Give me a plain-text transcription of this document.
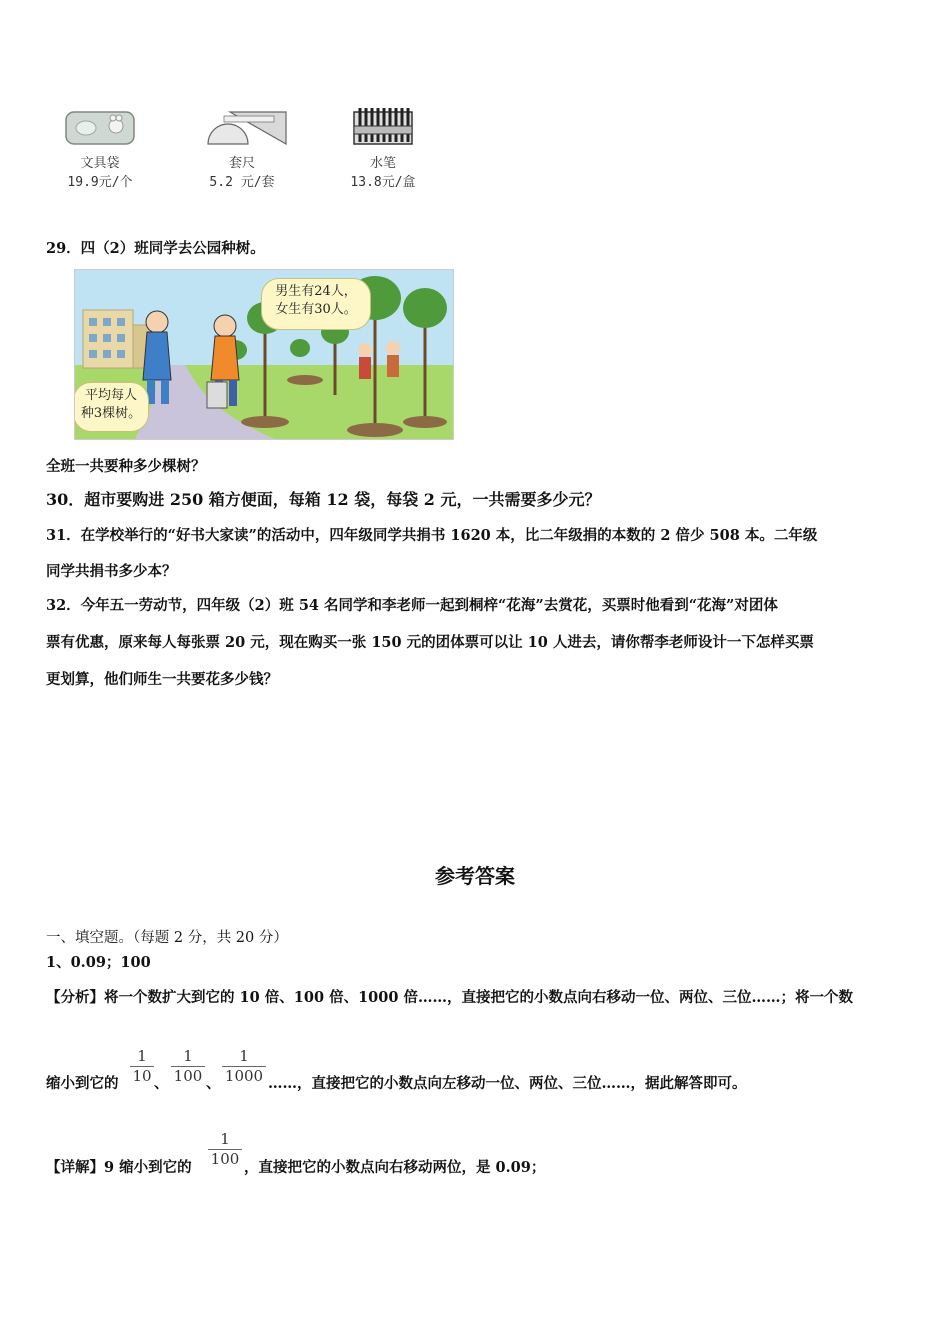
文具袋
19.9元/个
套尺
5.2 元/套
水笔
13.8元/盒
29．四（2）班同学去公园种树。
男生有24人，
女生有30人。
平均每人
种3棵树。
全班一共要种多少棵树？
30．超市要购进 250 箱方便面，每箱 12 袋，每袋 2 元，一共需要多少元？
31．在学校举行的“好书大家读”的活动中，四年级同学共捐书 1620 本，比二年级捐的本数的 2 倍少 508 本。二年级
同学共捐书多少本？
32．今年五一劳动节，四年级（2）班 54 名同学和李老师一起到桐梓“花海”去赏花，买票时他看到“花海”对团体
票有优惠，原来每人每张票 20 元，现在购买一张 150 元的团体票可以让 10 人进去，请你帮李老师设计一下怎样买票
更划算，他们师生一共要花多少钱？
参考答案
一、填空题。（每题 2 分，共 20 分）
1、0.09；100
【分析】将一个数扩大到它的 10 倍、100 倍、1000 倍……，直接把它的小数点向右移动一位、两位、三位……；将一个数
缩小到它的
1
10 、
1
100 、
1
1000 ……，直接把它的小数点向左移动一位、两位、三位……，据此解答即可。
【详解】9 缩小到它的
1
100 ，直接把它的小数点向右移动两位，是 0.09；
